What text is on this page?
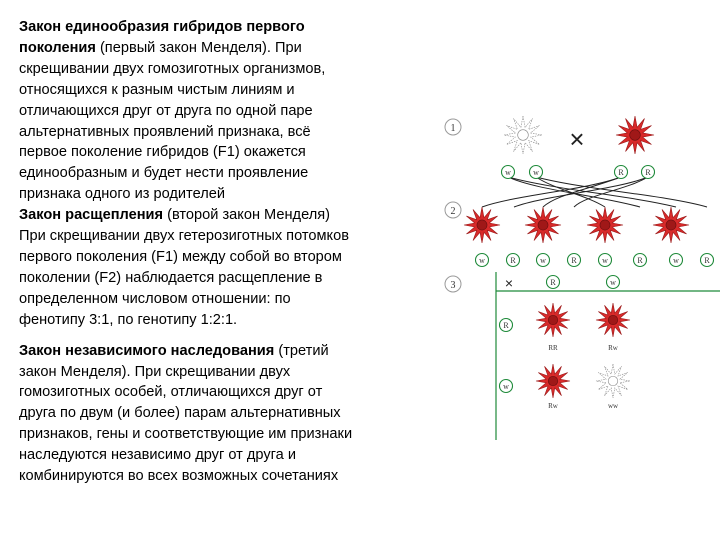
Закон единообразия гибридов первого
поколения (первый закон Менделя). При
скрещивании двух гомозиготных организмов,
относящихся к разным чистым линиям и
отличающихся друг от друга по одной паре
альтернативных проявлений признака, всё
первое поколение гибридов (F1) окажется
единообразным и будет нести проявление
признака одного из родителей
Закон расщепления (второй закон Менделя)
При скрещивании двух гетерозиготных потомков
первого поколения (F1) между собой во втором
поколении (F2) наблюдается расщепление в
определенном числовом отношении: по
фенотипу 3:1, по генотипу 1:2:1.
Закон независимого наследования (третий
закон Менделя). При скрещивании двух
гомозиготных особей, отличающихся друг от
друга по двум (и более) парам альтернативных
признаков, гены и соответствующие им признаки
наследуются независимо друг от друга и
комбинируются во всех возможных сочетаниях
1
2
3
×
×
RR	Rw
Rw	ww
w	w	R	R
w	R	w	R	w	R	w	R
R	w
R
w
